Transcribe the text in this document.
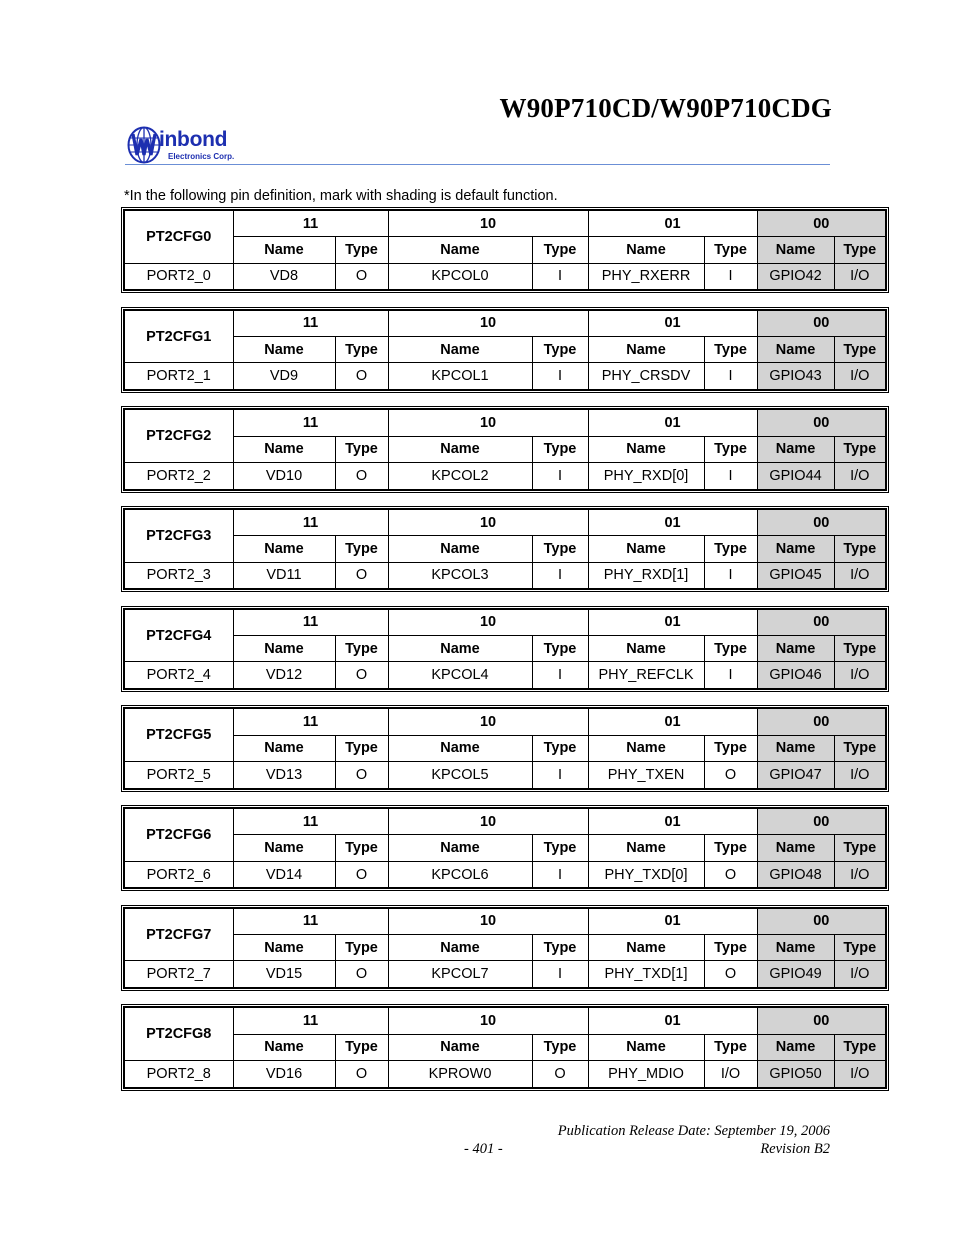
W90P710CD/W90P710CDG
inbond
Electronics Corp.
*In the following pin definition, mark with shading is default function.
PT2CFG0	11		10		01		00	
	Name	Type	Name	Type	Name	Type	Name	Type
PORT2_0	VD8	O	KPCOL0	I	PHY_RXERR	I	GPIO42	I/O
PT2CFG1	11		10		01		00	
	Name	Type	Name	Type	Name	Type	Name	Type
PORT2_1	VD9	O	KPCOL1	I	PHY_CRSDV	I	GPIO43	I/O
PT2CFG2	11		10		01		00	
	Name	Type	Name	Type	Name	Type	Name	Type
PORT2_2	VD10	O	KPCOL2	I	PHY_RXD[0]	I	GPIO44	I/O
PT2CFG3	11		10		01		00	
	Name	Type	Name	Type	Name	Type	Name	Type
PORT2_3	VD11	O	KPCOL3	I	PHY_RXD[1]	I	GPIO45	I/O
PT2CFG4	11		10		01		00	
	Name	Type	Name	Type	Name	Type	Name	Type
PORT2_4	VD12	O	KPCOL4	I	PHY_REFCLK	I	GPIO46	I/O
PT2CFG5	11		10		01		00	
	Name	Type	Name	Type	Name	Type	Name	Type
PORT2_5	VD13	O	KPCOL5	I	PHY_TXEN	O	GPIO47	I/O
PT2CFG6	11		10		01		00	
	Name	Type	Name	Type	Name	Type	Name	Type
PORT2_6	VD14	O	KPCOL6	I	PHY_TXD[0]	O	GPIO48	I/O
PT2CFG7	11		10		01		00	
	Name	Type	Name	Type	Name	Type	Name	Type
PORT2_7	VD15	O	KPCOL7	I	PHY_TXD[1]	O	GPIO49	I/O
PT2CFG8	11		10		01		00	
	Name	Type	Name	Type	Name	Type	Name	Type
PORT2_8	VD16	O	KPROW0	O	PHY_MDIO	I/O	GPIO50	I/O
Publication Release Date: September 19, 2006
- 401 -	Revision B2
